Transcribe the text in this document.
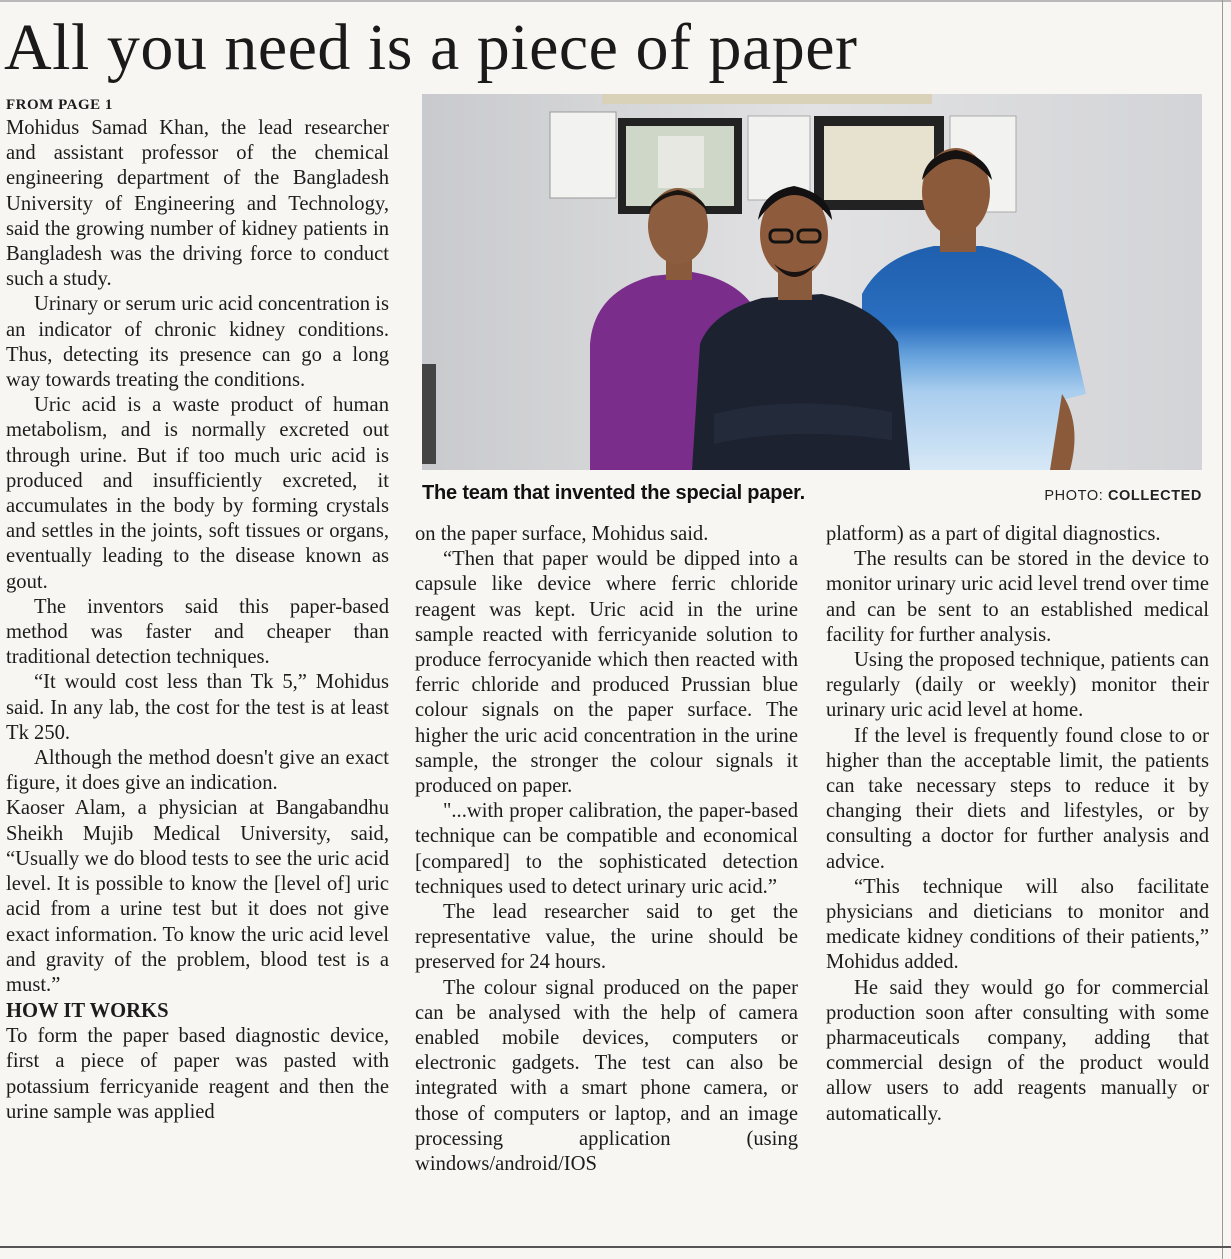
All you need is a piece of paper
FROM PAGE 1

Mohidus Samad Khan, the lead researcher and assistant professor of the chemical engineering department of the Bangladesh University of Engineering and Technology, said the growing number of kidney patients in Bangladesh was the driving force to conduct such a study.

Urinary or serum uric acid concentration is an indicator of chronic kidney conditions. Thus, detecting its presence can go a long way towards treating the conditions.

Uric acid is a waste product of human metabolism, and is normally excreted out through urine. But if too much uric acid is produced and insufficiently excreted, it accumulates in the body by forming crystals and settles in the joints, soft tissues or organs, eventually leading to the disease known as gout.

The inventors said this paper-based method was faster and cheaper than traditional detection techniques.

“It would cost less than Tk 5,” Mohidus said. In any lab, the cost for the test is at least Tk 250.

Although the method doesn't give an exact figure, it does give an indication.

Kaoser Alam, a physician at Bangabandhu Sheikh Mujib Medical University, said, “Usually we do blood tests to see the uric acid level. It is possible to know the [level of] uric acid from a urine test but it does not give exact information. To know the uric acid level and gravity of the problem, blood test is a must.”

HOW IT WORKS

To form the paper based diagnostic device, first a piece of paper was pasted with potassium ferricyanide reagent and then the urine sample was applied

The team that invented the special paper.	PHOTO: COLLECTED

on the paper surface, Mohidus said.

“Then that paper would be dipped into a capsule like device where ferric chloride reagent was kept. Uric acid in the urine sample reacted with ferricyanide solution to produce ferrocyanide which then reacted with ferric chloride and produced Prussian blue colour signals on the paper surface. The higher the uric acid concentration in the urine sample, the stronger the colour signals it produced on paper.

"...with proper calibration, the paper-based technique can be compatible and economical [compared] to the sophisticated detection techniques used to detect urinary uric acid.”

The lead researcher said to get the representative value, the urine should be preserved for 24 hours.

The colour signal produced on the paper can be analysed with the help of camera enabled mobile devices, computers or electronic gadgets. The test can also be integrated with a smart phone camera, or those of computers or laptop, and an image processing application (using windows/android/IOS

platform) as a part of digital diagnostics.

The results can be stored in the device to monitor urinary uric acid level trend over time and can be sent to an established medical facility for further analysis.

Using the proposed technique, patients can regularly (daily or weekly) monitor their urinary uric acid level at home.

If the level is frequently found close to or higher than the acceptable limit, the patients can take necessary steps to reduce it by changing their diets and lifestyles, or by consulting a doctor for further analysis and advice.

“This technique will also facilitate physicians and dieticians to monitor and medicate kidney conditions of their patients,” Mohidus added.

He said they would go for commercial production soon after consulting with some pharmaceuticals company, adding that commercial design of the product would allow users to add reagents manually or automatically.
